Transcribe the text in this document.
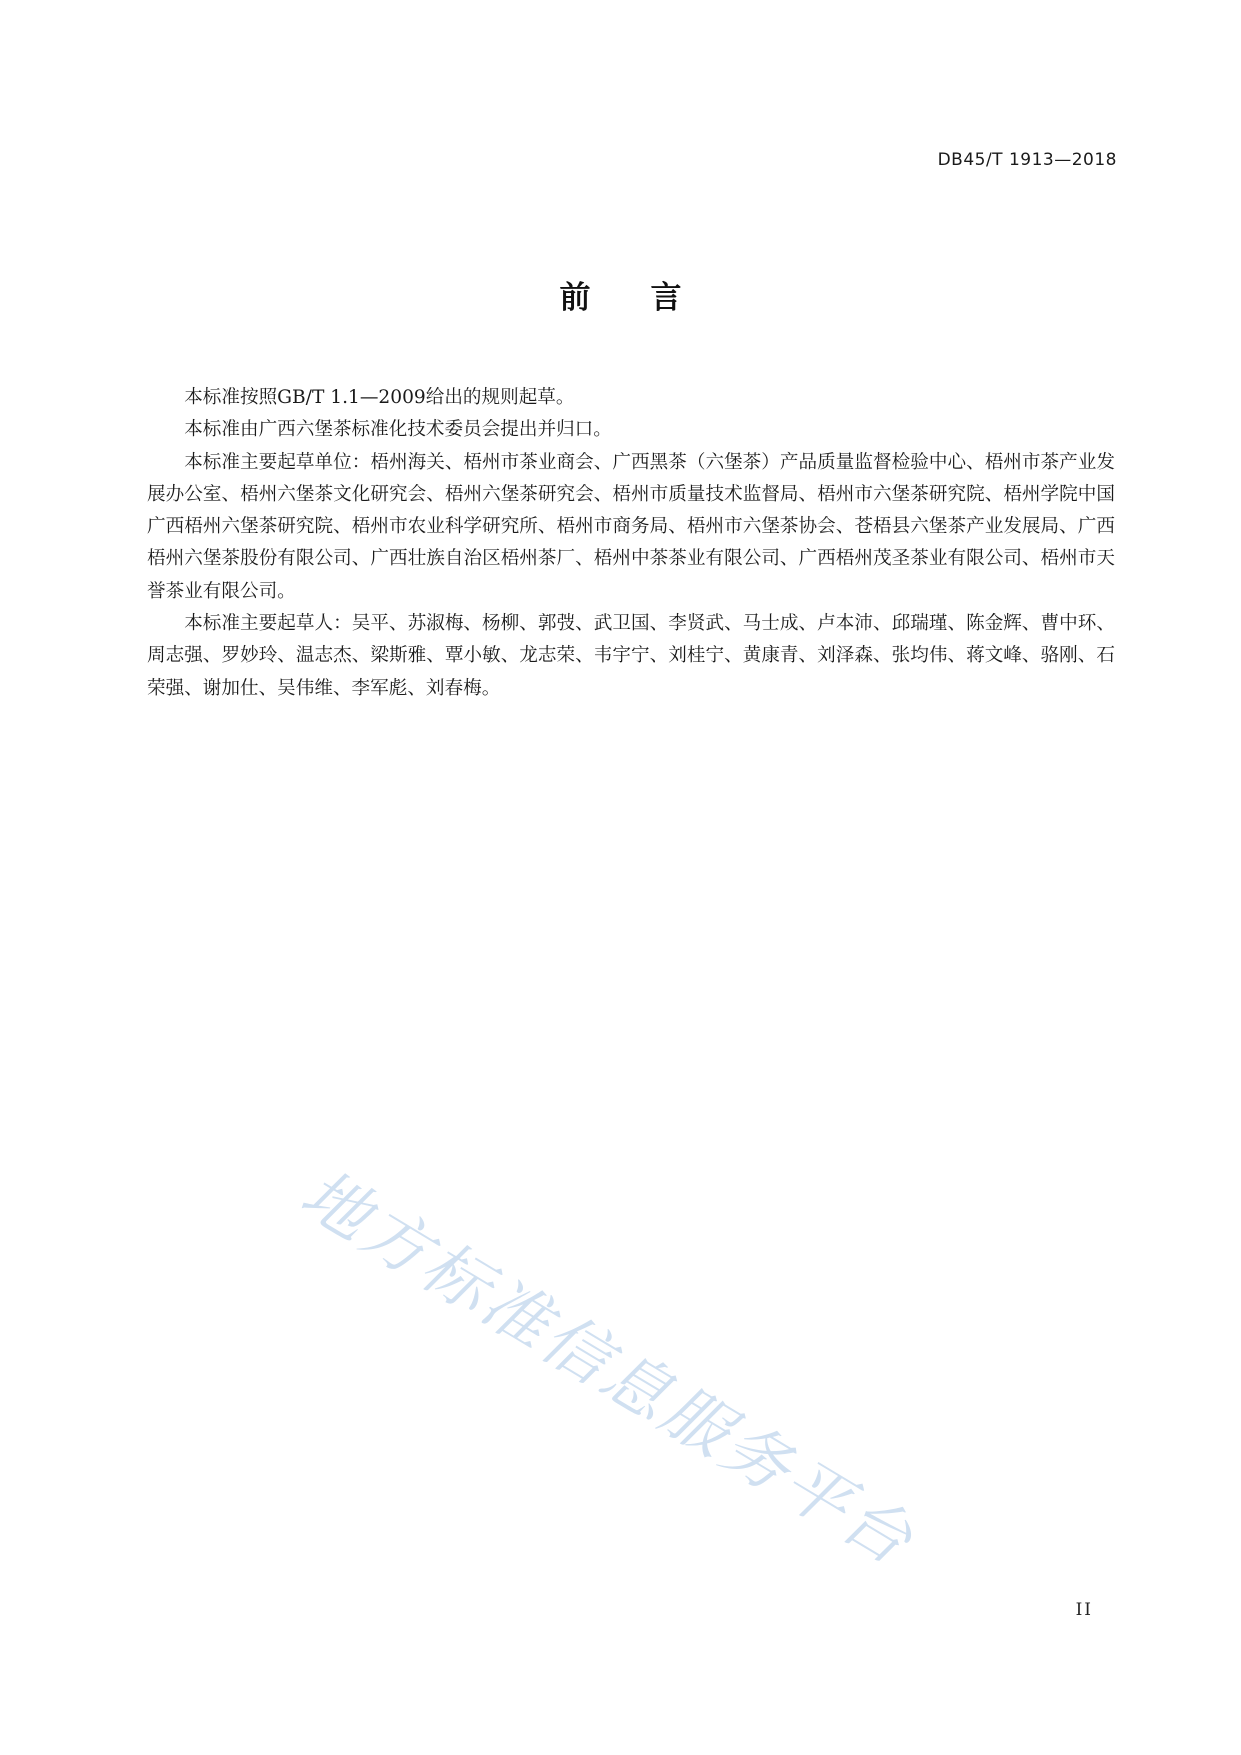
DB45/T 1913—2018
前 言

本标准按照GB/T 1.1—2009给出的规则起草。

本标准由广西六堡茶标准化技术委员会提出并归口。

本标准主要起草单位：梧州海关、梧州市茶业商会、广西黑茶（六堡茶）产品质量监督检验中心、梧州市茶产业发展办公室、梧州六堡茶文化研究会、梧州六堡茶研究会、梧州市质量技术监督局、梧州市六堡茶研究院、梧州学院中国广西梧州六堡茶研究院、梧州市农业科学研究所、梧州市商务局、梧州市六堡茶协会、苍梧县六堡茶产业发展局、广西梧州六堡茶股份有限公司、广西壮族自治区梧州茶厂、梧州中茶茶业有限公司、广西梧州茂圣茶业有限公司、梧州市天誉茶业有限公司。

本标准主要起草人：吴平、苏淑梅、杨柳、郭弢、武卫国、李贤武、马士成、卢本沛、邱瑞瑾、陈金辉、曹中环、周志强、罗妙玲、温志杰、梁斯雅、覃小敏、龙志荣、韦宇宁、刘桂宁、黄康青、刘泽森、张均伟、蒋文峰、骆刚、石荣强、谢加仕、吴伟维、李军彪、刘春梅。

地方标准信息服务平台
II
